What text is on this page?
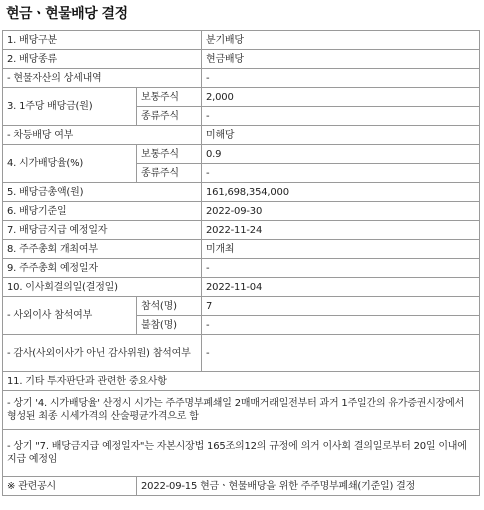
현금ㆍ현물배당 결정
1. 배당구분		분기배당
2. 배당종류		현금배당
- 현물자산의 상세내역		-
3. 1주당 배당금(원)	보통주식	2,000
	종류주식	-
- 차등배당 여부		미해당
4. 시가배당율(%)	보통주식	0.9
	종류주식	-
5. 배당금총액(원)		161,698,354,000
6. 배당기준일		2022-09-30
7. 배당금지급 예정일자		2022-11-24
8. 주주총회 개최여부		미개최
9. 주주총회 예정일자		-
10. 이사회결의일(결정일)		2022-11-04
- 사외이사 참석여부	참석(명)	7
	불참(명)	-
- 감사(사외이사가 아닌 감사위원) 참석여부		-
11. 기타 투자판단과 관련한 중요사항		
- 상기 '4. 시가배당율' 산정시 시가는 주주명부폐쇄일 2매매거래일전부터 과거 1주일간의 유가증권시장에서 형성된 최종 시세가격의 산술평균가격으로 함		
- 상기 "7. 배당금지급 예정일자"는 자본시장법 165조의12의 규정에 의거 이사회 결의일로부터 20일 이내에 지급 예정임		
※ 관련공시	2022-09-15 현금ㆍ현물배당을 위한 주주명부폐쇄(기준일) 결정	
